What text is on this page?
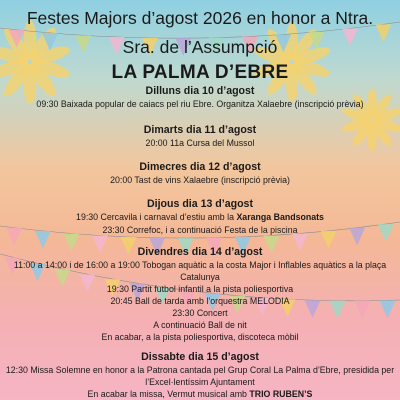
Festes Majors d’agost 2026 en honor a Ntra.
Sra. de l’Assumpció
LA PALMA D’EBRE
Dilluns dia 10 d’agost
09:30 Baixada popular de caiacs pel riu Ebre. Organitza Xalaebre (inscripció prèvia)
Dimarts dia 11 d’agost
20:00 11a Cursa del Mussol
Dimecres dia 12 d’agost
20:00 Tast de vins Xalaebre (inscripció prèvia)
Dijous dia 13 d’agost
19:30 Cercavila i carnaval d’estiu amb la Xaranga Bandsonats
23:30 Correfoc, i a continuació Festa de la piscina
Divendres dia 14 d’agost
11:00 a 14:00 i de 16:00 a 19:00 Tobogan aquàtic a la costa Major i Inflables aquàtics a la plaça
Catalunya
19:30 Partit futbol infantil a la pista poliesportiva
20:45 Ball de tarda amb l’orquestra MELODIA
23:30 Concert
A continuació Ball de nit
En acabar, a la pista poliesportiva, discoteca mòbil
Dissabte dia 15 d’agost
12:30 Missa Solemne en honor a la Patrona cantada pel Grup Coral La Palma d’Ebre, presidida per
l’Excel·lentíssim Ajuntament
En acabar la missa, Vermut musical amb TRIO RUBEN’S
